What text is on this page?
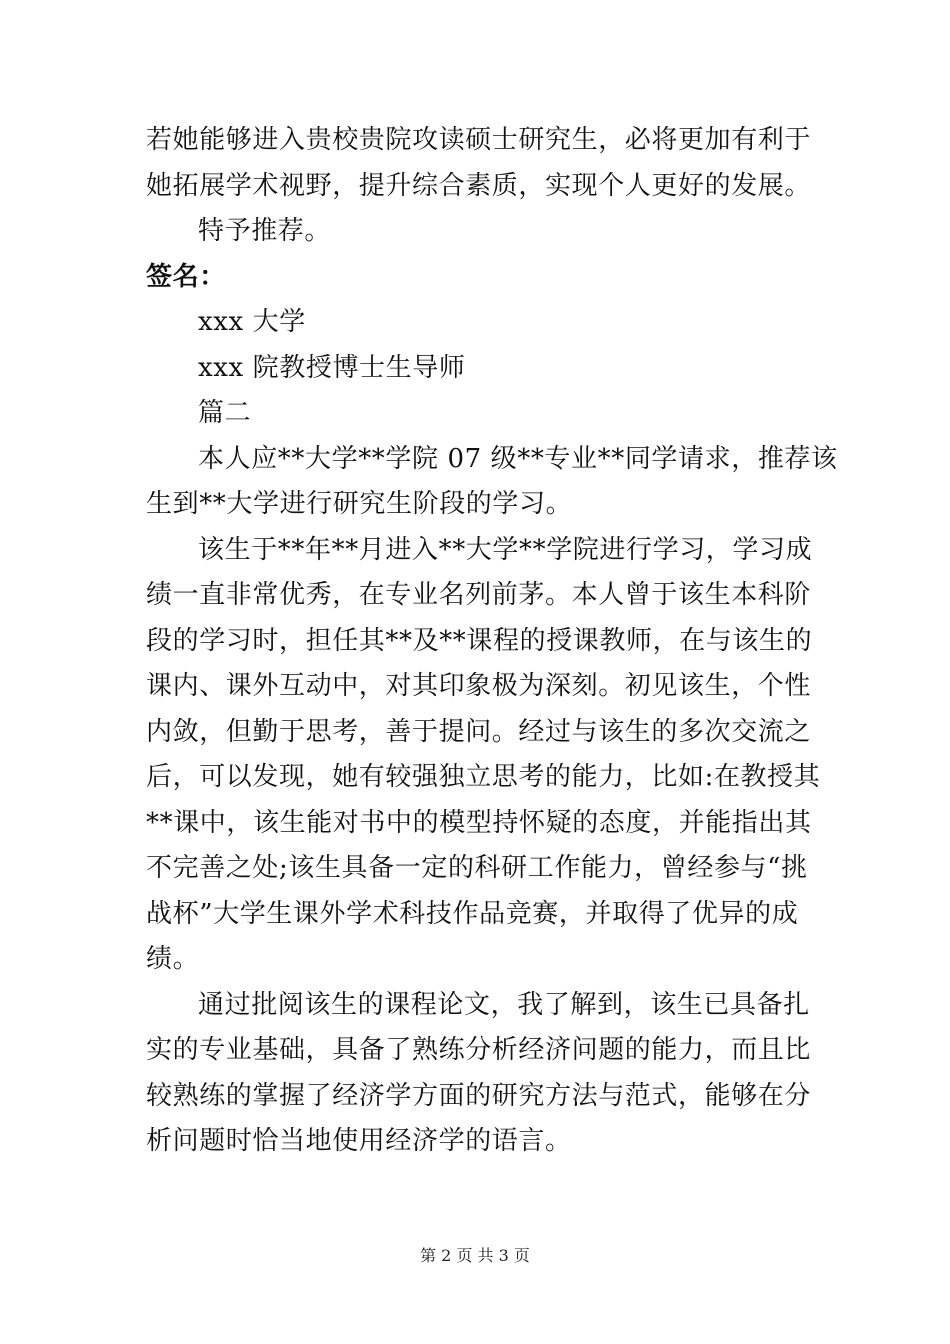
若她能够进入贵校贵院攻读硕士研究生，必将更加有利于
她拓展学术视野，提升综合素质，实现个人更好的发展。
特予推荐。
签名：
xxx 大学
xxx 院教授博士生导师
篇二
本人应**大学**学院 07 级**专业**同学请求，推荐该
生到**大学进行研究生阶段的学习。
该生于**年**月进入**大学**学院进行学习，学习成
绩一直非常优秀，在专业名列前茅。本人曾于该生本科阶
段的学习时，担任其**及**课程的授课教师，在与该生的
课内、课外互动中，对其印象极为深刻。初见该生，个性
内敛，但勤于思考，善于提问。经过与该生的多次交流之
后，可以发现，她有较强独立思考的能力，比如:在教授其
**课中，该生能对书中的模型持怀疑的态度，并能指出其
不完善之处;该生具备一定的科研工作能力，曾经参与“挑
战杯”大学生课外学术科技作品竞赛，并取得了优异的成
绩。
通过批阅该生的课程论文，我了解到，该生已具备扎
实的专业基础，具备了熟练分析经济问题的能力，而且比
较熟练的掌握了经济学方面的研究方法与范式，能够在分
析问题时恰当地使用经济学的语言。
第 2 页 共 3 页
